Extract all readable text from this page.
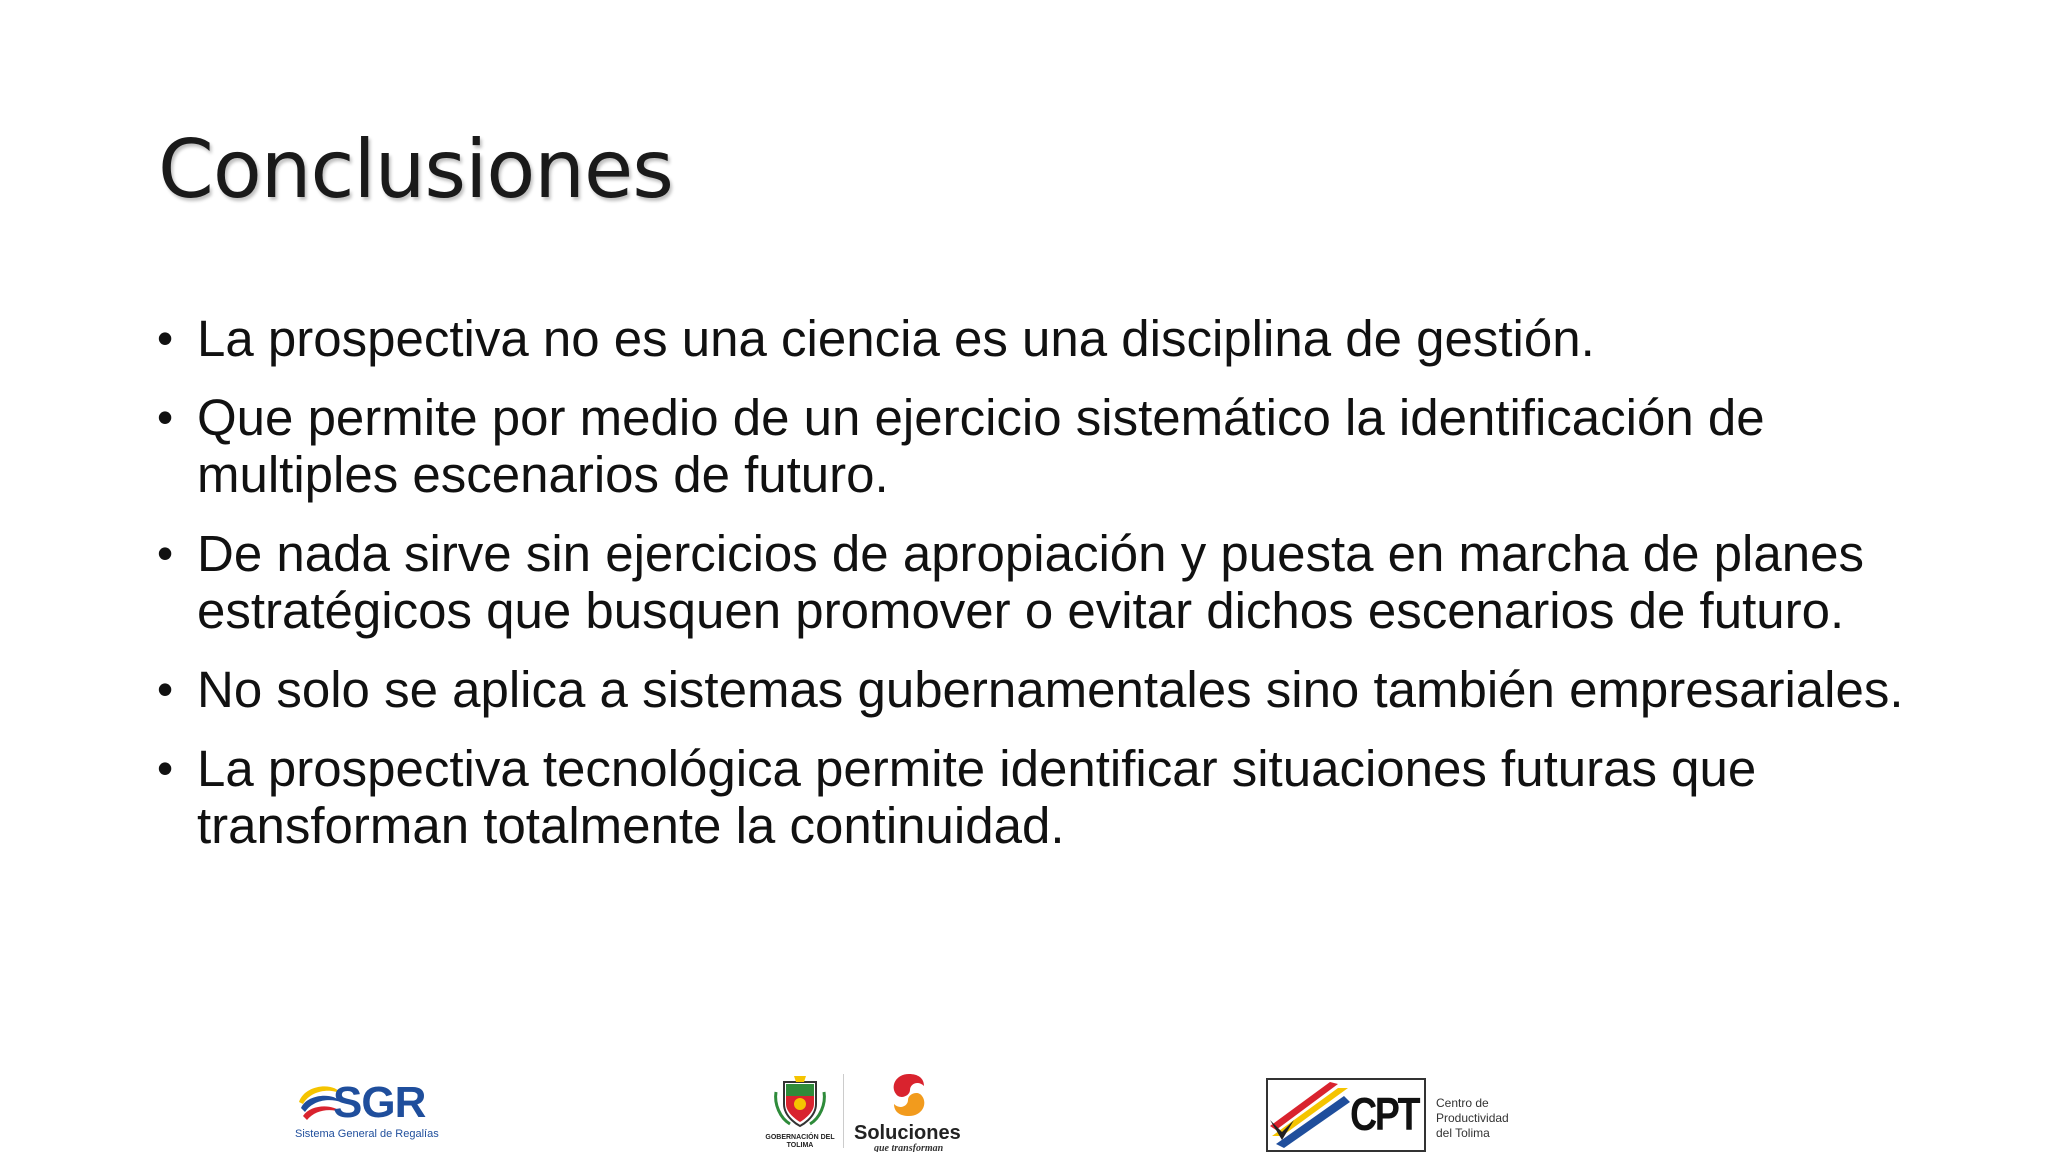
Conclusiones
• La prospectiva no es una ciencia es una disciplina de gestión.
• Que permite por medio de un ejercicio sistemático la identificación de multiples escenarios de futuro.
• De nada sirve sin ejercicios de apropiación y puesta en marcha de planes estratégicos que busquen promover o evitar dichos escenarios de futuro.
• No solo se aplica a sistemas gubernamentales sino también empresariales.
• La prospectiva tecnológica permite identificar situaciones futuras que transforman totalmente la continuidad.
SGR
Sistema General de Regalías	GOBERNACIÓN DEL TOLIMA
Soluciones
que transforman
CPT Centro de
Productividad
del Tolima
